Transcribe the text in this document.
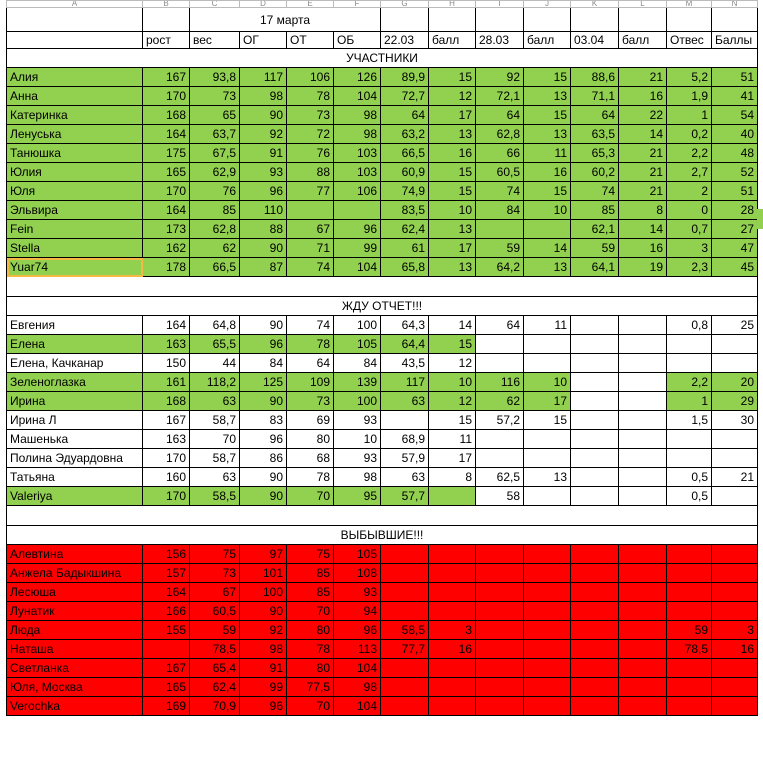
A	B	C	D	E	F	G	H	I	J	K	L	M	N
		17 марта											
	рост	вес	ОГ	ОТ	ОБ	22.03	балл	28.03	балл	03.04	балл	Отвес	Баллы
УЧАСТНИКИ													
Алия	167	93,8	117	106	126	89,9	15	92	15	88,6	21	5,2	51
Анна	170	73	98	78	104	72,7	12	72,1	13	71,1	16	1,9	41
Катеринка	168	65	90	73	98	64	17	64	15	64	22	1	54
Ленуська	164	63,7	92	72	98	63,2	13	62,8	13	63,5	14	0,2	40
Танюшка	175	67,5	91	76	103	66,5	16	66	11	65,3	21	2,2	48
Юлия	165	62,9	93	88	103	60,9	15	60,5	16	60,2	21	2,7	52
Юля	170	76	96	77	106	74,9	15	74	15	74	21	2	51
Эльвира	164	85	110			83,5	10	84	10	85	8	0	28
Fein	173	62,8	88	67	96	62,4	13			62,1	14	0,7	27
Stella	162	62	90	71	99	61	17	59	14	59	16	3	47
Yuar74	178	66,5	87	74	104	65,8	13	64,2	13	64,1	19	2,3	45

ЖДУ ОТЧЕТ!!!													
Евгения	164	64,8	90	74	100	64,3	14	64	11			0,8	25
Елена	163	65,5	96	78	105	64,4	15						
Елена, Качканар	150	44	84	64	84	43,5	12						
Зеленоглазка	161	118,2	125	109	139	117	10	116	10			2,2	20
Ирина	168	63	90	73	100	63	12	62	17			1	29
Ирина Л	167	58,7	83	69	93		15	57,2	15			1,5	30
Машенька	163	70	96	80	10	68,9	11						
Полина Эдуардовна	170	58,7	86	68	93	57,9	17						
Татьяна	160	63	90	78	98	63	8	62,5	13			0,5	21
Valeriya	170	58,5	90	70	95	57,7		58				0,5	

ВЫБЫВШИЕ!!!													
Алевтина	156	75	97	75	105								
Анжела Бадыкшина	157	73	101	85	108								
Лесюша	164	67	100	85	93								
Лунатик	166	60,5	90	70	94								
Люда	155	59	92	80	96	58,5	3					59	3
Наташа		78,5	98	78	113	77,7	16					78,5	16
Светланка	167	65,4	91	80	104								
Юля, Москва	165	62,4	99	77,5	98								
Verochka	169	70,9	96	70	104								
